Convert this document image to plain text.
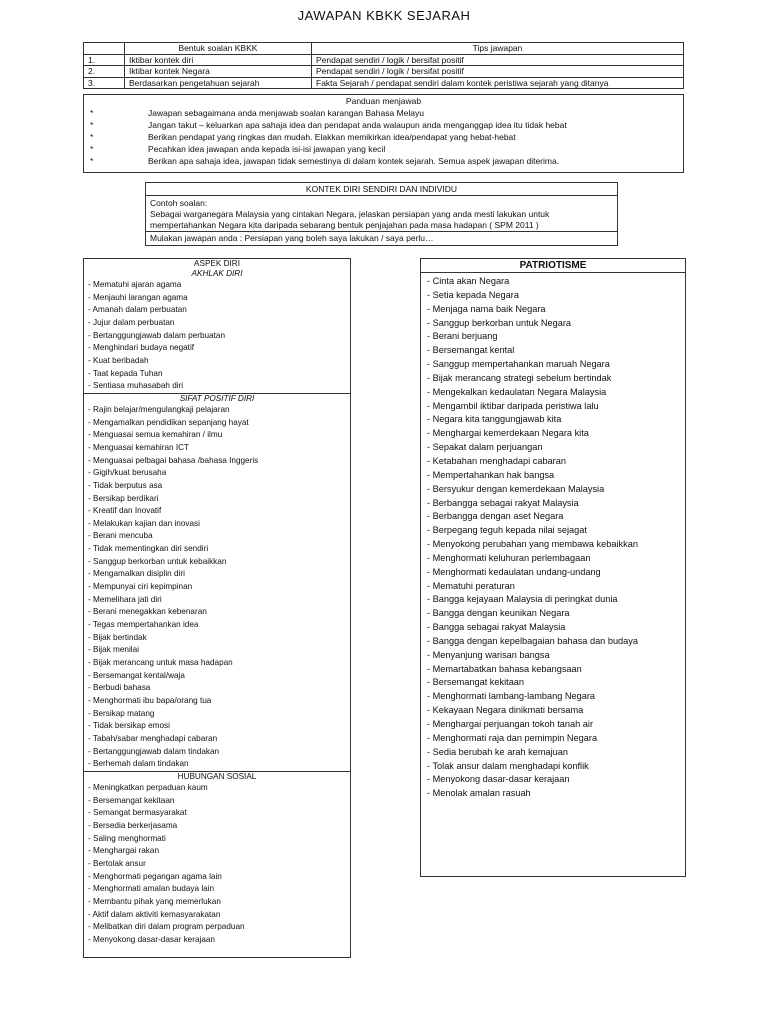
JAWAPAN KBKK SEJARAH
	Bentuk soalan KBKK	Tips jawapan
1.	Iktibar kontek diri	Pendapat sendiri / logik / bersifat positif
2.	Iktibar kontek Negara	Pendapat sendiri / logik / bersifat positif
3.	Berdasarkan pengetahuan sejarah	Fakta Sejarah / pendapat sendiri dalam kontek peristiwa sejarah yang ditanya
Panduan menjawab
*	Jawapan sebagaimana anda menjawab soalan karangan Bahasa Melayu
*	Jangan takut – keluarkan apa sahaja idea dan pendapat anda walaupun anda menganggap idea itu tidak hebat
*	Berikan pendapat yang ringkas dan mudah. Elakkan memikirkan idea/pendapat yang hebat-hebat
*	Pecahkan idea jawapan anda kepada isi-isi jawapan yang kecil
*	Berikan apa sahaja idea, jawapan tidak semestinya di dalam kontek sejarah. Semua aspek jawapan diterima.
KONTEK DIRI SENDIRI DAN INDIVIDU
Contoh soalan:
Sebagai warganegara Malaysia yang cintakan Negara, jelaskan persiapan yang anda mesti lakukan untuk
mempertahankan Negara kita daripada sebarang bentuk penjajahan pada masa hadapan ( SPM 2011 )
Mulakan jawapan anda : Persiapan yang boleh saya lakukan / saya perlu…
ASPEK DIRI
AKHLAK DIRI
- Mematuhi ajaran agama
- Menjauhi larangan agama
- Amanah dalam perbuatan
- Jujur dalam perbuatan
- Bertanggungjawab dalam perbuatan
- Menghindari budaya negatif
- Kuat beribadah
- Taat kepada Tuhan
- Sentiasa muhasabah diri
SIFAT POSITIF DIRI
- Rajin belajar/mengulangkaji pelajaran
- Mengamalkan pendidikan sepanjang hayat
- Menguasai semua kemahiran / ilmu
- Menguasai kemahiran ICT
- Menguasai pelbagai bahasa /bahasa Inggeris
- Gigih/kuat berusaha
- Tidak berputus asa
- Bersikap berdikari
- Kreatif dan Inovatif
- Melakukan kajian dan inovasi
- Berani mencuba
- Tidak mementingkan diri sendiri
- Sanggup berkorban untuk kebaikkan
- Mengamalkan disiplin diri
- Mempunyai ciri kepimpinan
- Memelihara jati diri
- Berani menegakkan kebenaran
- Tegas mempertahankan idea
- Bijak bertindak
- Bijak menilai
- Bijak merancang untuk masa hadapan
- Bersemangat kental/waja
- Berbudi bahasa
- Menghormati ibu bapa/orang tua
- Bersikap matang
- Tidak bersikap emosi
- Tabah/sabar menghadapi cabaran
- Bertanggungjawab dalam tindakan
- Berhemah dalam tindakan
HUBUNGAN SOSIAL
- Meningkatkan perpaduan kaum
- Bersemangat kekitaan
- Semangat bermasyarakat
- Bersedia berkerjasama
- Saling menghormati
- Menghargai rakan
- Bertolak ansur
- Menghormati pegangan agama lain
- Menghormati amalan budaya lain
- Membantu pihak yang memerlukan
- Aktif dalam aktiviti kemasyarakatan
- Melibatkan diri dalam program perpaduan
- Menyokong dasar-dasar kerajaan
PATRIOTISME
- Cinta akan Negara
- Setia kepada Negara
- Menjaga nama baik Negara
- Sanggup berkorban untuk Negara
- Berani berjuang
- Bersemangat kental
- Sanggup mempertahankan maruah Negara
- Bijak merancang strategi sebelum bertindak
- Mengekalkan kedaulatan Negara Malaysia
- Mengambil iktibar daripada peristiwa lalu
- Negara kita tanggungjawab kita
- Menghargai kemerdekaan Negara kita
- Sepakat dalam perjuangan
- Ketabahan menghadapi cabaran
- Mempertahankan hak bangsa
- Bersyukur dengan kemerdekaan Malaysia
- Berbangga sebagai rakyat Malaysia
- Berbangga dengan aset Negara
- Berpegang teguh kepada nilai sejagat
- Menyokong perubahan yang membawa kebaikkan
- Menghormati keluhuran perlembagaan
- Menghormati kedaulatan undang-undang
- Mematuhi peraturan
- Bangga kejayaan Malaysia di peringkat dunia
- Bangga dengan keunikan Negara
- Bangga sebagai rakyat Malaysia
- Bangga dengan kepelbagaian bahasa dan budaya
- Menyanjung warisan bangsa
- Memartabatkan bahasa kebangsaan
- Bersemangat kekitaan
- Menghormati lambang-lambang Negara
- Kekayaan Negara dinikmati bersama
- Menghargai perjuangan tokoh tanah air
- Menghormati raja dan pemimpin Negara
- Sedia berubah ke arah kemajuan
- Tolak ansur dalam menghadapi konflik
- Menyokong dasar-dasar kerajaan
- Menolak amalan rasuah
